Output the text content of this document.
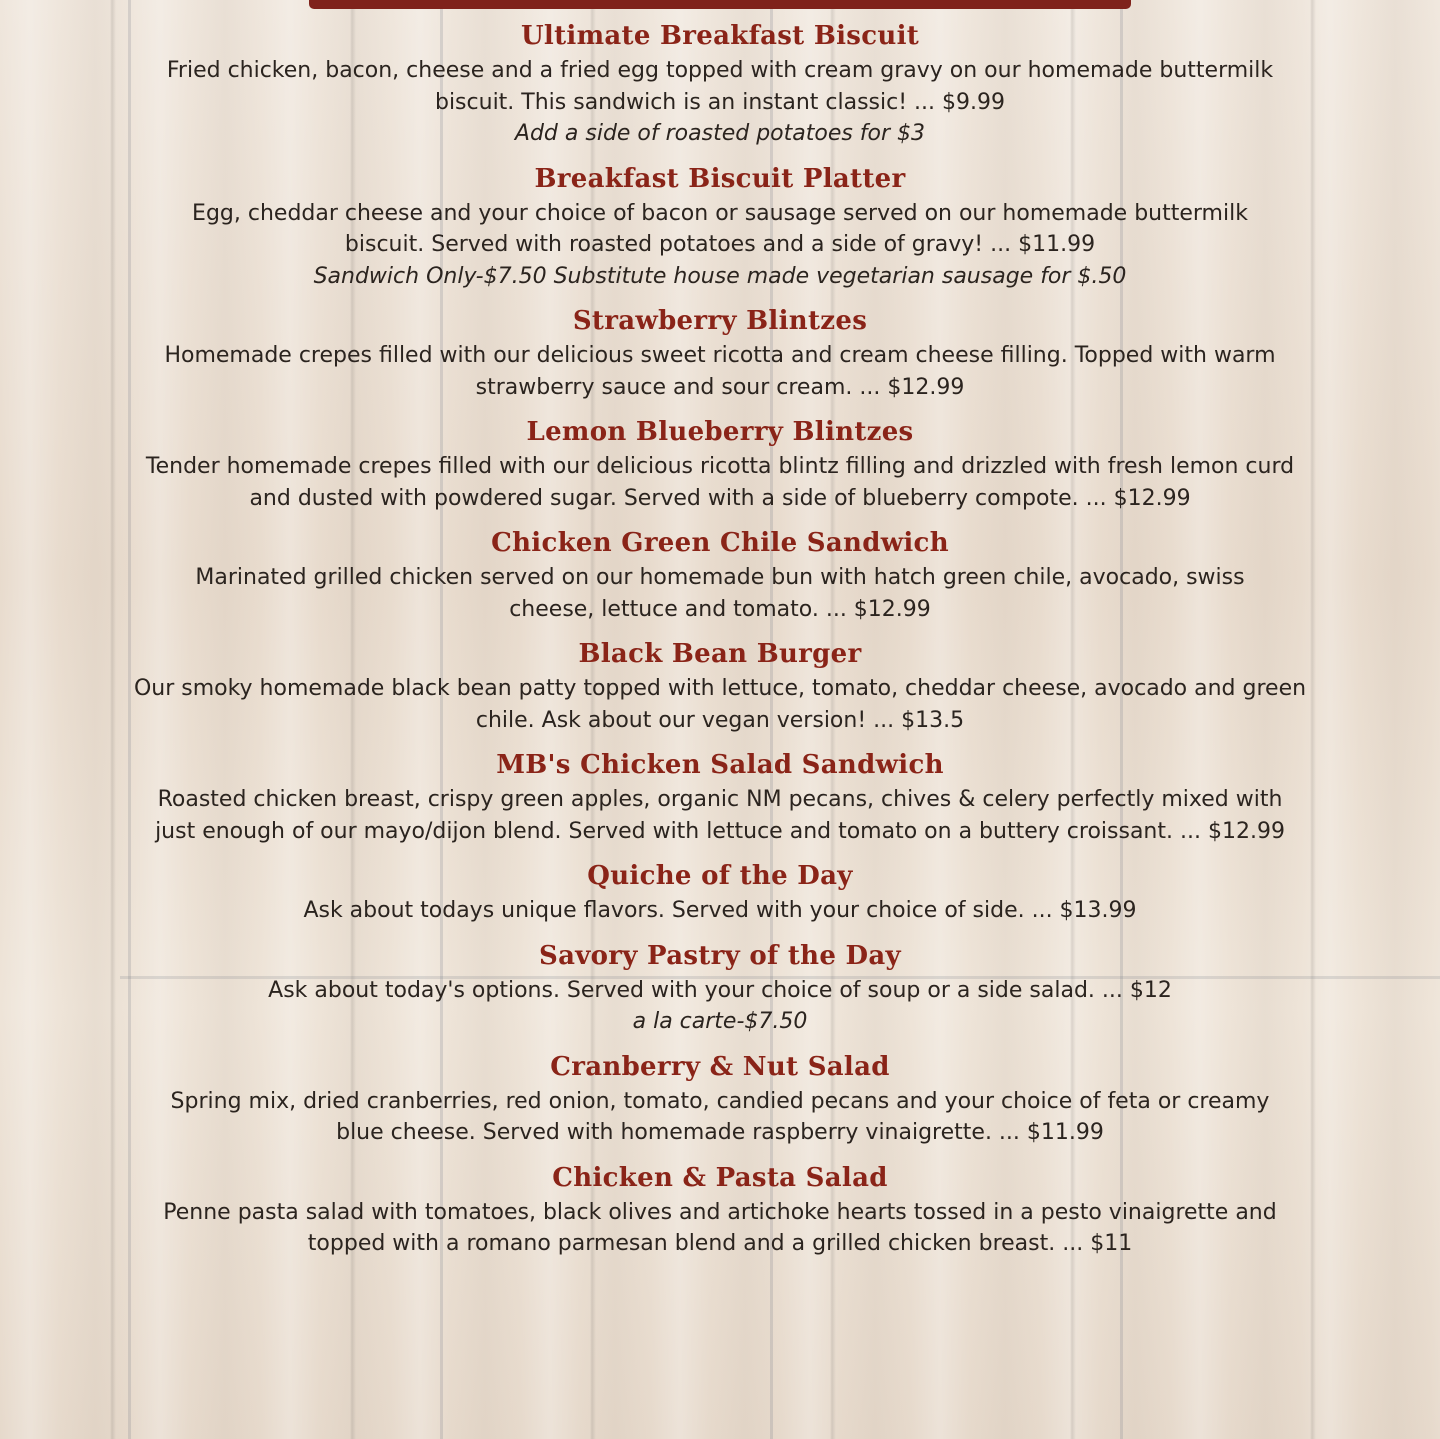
Ultimate Breakfast Biscuit
Fried chicken, bacon, cheese and a fried egg topped with cream gravy on our homemade buttermilk biscuit. This sandwich is an instant classic! ... $9.99
Add a side of roasted potatoes for $3
Breakfast Biscuit Platter
Egg, cheddar cheese and your choice of bacon or sausage served on our homemade buttermilk biscuit. Served with roasted potatoes and a side of gravy! ... $11.99
Sandwich Only-$7.50 Substitute house made vegetarian sausage for $.50
Strawberry Blintzes
Homemade crepes filled with our delicious sweet ricotta and cream cheese filling. Topped with warm strawberry sauce and sour cream. ... $12.99
Lemon Blueberry Blintzes
Tender homemade crepes filled with our delicious ricotta blintz filling and drizzled with fresh lemon curd and dusted with powdered sugar. Served with a side of blueberry compote. ... $12.99
Chicken Green Chile Sandwich
Marinated grilled chicken served on our homemade bun with hatch green chile, avocado, swiss cheese, lettuce and tomato. ... $12.99
Black Bean Burger
Our smoky homemade black bean patty topped with lettuce, tomato, cheddar cheese, avocado and green chile. Ask about our vegan version! ... $13.5
MB's Chicken Salad Sandwich
Roasted chicken breast, crispy green apples, organic NM pecans, chives & celery perfectly mixed with just enough of our mayo/dijon blend. Served with lettuce and tomato on a buttery croissant. ... $12.99
Quiche of the Day
Ask about todays unique flavors. Served with your choice of side. ... $13.99
Savory Pastry of the Day
Ask about today's options. Served with your choice of soup or a side salad. ... $12
a la carte-$7.50
Cranberry & Nut Salad
Spring mix, dried cranberries, red onion, tomato, candied pecans and your choice of feta or creamy blue cheese. Served with homemade raspberry vinaigrette. ... $11.99
Chicken & Pasta Salad
Penne pasta salad with tomatoes, black olives and artichoke hearts tossed in a pesto vinaigrette and topped with a romano parmesan blend and a grilled chicken breast. ... $11
